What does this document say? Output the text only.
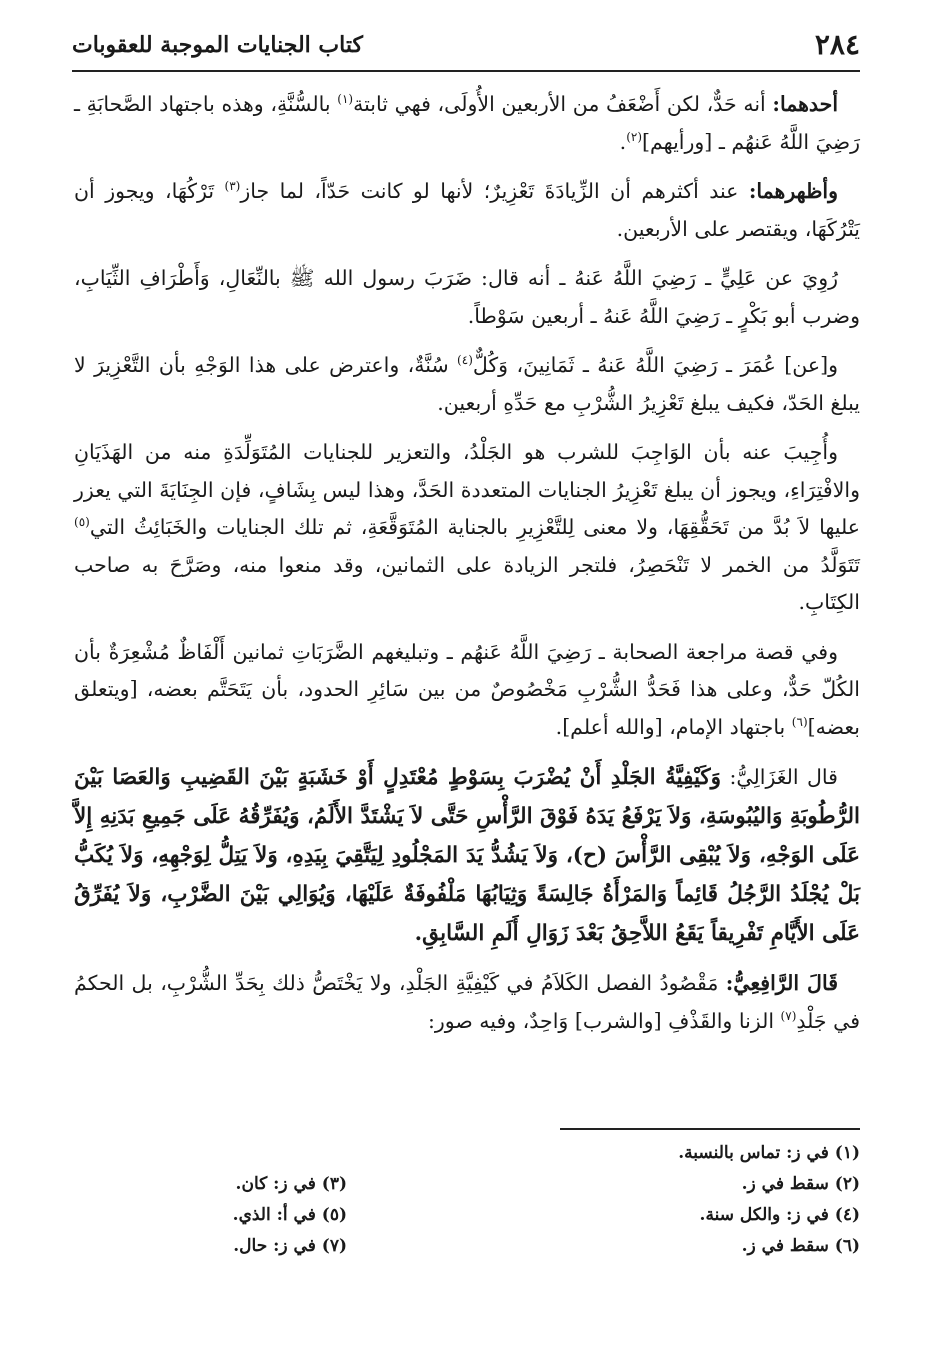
٢٨٤
كتاب الجنايات الموجبة للعقوبات

أحدهما: أنه حَدٌّ، لكن أَضْعَفُ من الأربعين الأُولَى، فهي ثابتة$^{(١)}$ بالسُّنَّةِ، وهذه باجتهاد الصَّحابَةِ ـ رَضِيَ اللَّهُ عَنهُم ـ [ورأيهم]$^{(٢)}$.

وأظهرهما: عند أكثرهم أن الزِّيادَةَ تَعْزِيرٌ؛ لأنها لو كانت حَدّاً، لما جاز$^{(٣)}$ تَرْكُهَا، ويجوز أن يَتْرُكَهَا، ويقتصر على الأربعين.

رُوِيَ عن عَلِيٍّ ـ رَضِيَ اللَّهُ عَنهُ ـ أنه قال: ضَرَبَ رسول الله ﷺ بالنِّعَالِ، وَأَطْرَافِ الثِّيَابِ، وضرب أبو بَكْرٍ ـ رَضِيَ اللَّهُ عَنهُ ـ أربعين سَوْطاً.

و[عن] عُمَرَ ـ رَضِيَ اللَّهُ عَنهُ ـ ثَمَانِينَ، وَكُلٌّ$^{(٤)}$ سُنَّةٌ، واعترض على هذا الوَجْهِ بأن التَّعْزِيرَ لا يبلغ الحَدّ، فكيف يبلغ تَعْزِيرُ الشُّرْبِ مع حَدِّهِ أربعين.

وأُجِيبَ عنه بأن الوَاجِبَ للشرب هو الجَلْدُ، والتعزير للجنايات المُتَوَلِّدَةِ منه من الهَذَيَانِ والافْتِرَاءِ، ويجوز أن يبلغ تَعْزِيرُ الجنايات المتعددة الحَدَّ، وهذا ليس بِشَافٍ، فإن الجِنَايَةَ التي يعزر عليها لاَ بُدَّ من تَحَقُّقِهَا، ولا معنى لِلتَّعْزِيرِ بالجناية المُتَوَقَّعَةِ، ثم تلك الجنايات والخَبَائِثُ التي$^{(٥)}$ تَتَوَلَّدُ من الخمر لا تَنْحَصِرُ، فلتجر الزيادة على الثمانين، وقد منعوا منه، وصَرَّحَ به صاحب الكِتَابِ.

وفي قصة مراجعة الصحابة ـ رَضِيَ اللَّهُ عَنهُم ـ وتبليغهم الضَّرَبَاتِ ثمانين أَلْفَاظٌ مُشْعِرَةٌ بأن الكُلّ حَدٌّ، وعلى هذا فَحَدُّ الشُّرْبِ مَخْصُوصٌ من بين سَائِرِ الحدود، بأن يَتَحَتَّم بعضه، [ويتعلق بعضه]$^{(٦)}$ باجتهاد الإمام، [والله أعلم].

قال الغَزَالِيُّ: وَكَيْفِيَّةُ الجَلْدِ أَنْ يُضْرَبَ بِسَوْطٍ مُعْتَدِلٍ أَوْ خَشَبَةٍ بَيْنَ القَضِيبِ وَالعَصَا بَيْنَ الرُّطُوبَةِ وَاليُبُوسَةِ، وَلاَ يَرْفَعُ يَدَهُ فَوْقَ الرَّأْسِ حَتَّى لاَ يَشْتَدَّ الأَلَمُ، وَيُفَرِّقُهُ عَلَى جَمِيعِ بَدَنِهِ إِلاَّ عَلَى الوَجْهِ، وَلاَ يُبْقِى الرَّأْسَ (ح)، وَلاَ يَشُدُّ يَدَ المَجْلُودِ لِيَتَّقِيَ بِيَدِهِ، وَلاَ يَتِلُّ لِوَجْهِهِ، وَلاَ يُكَبُّ بَلْ يُجْلَدُ الرَّجُلُ قَائِماً وَالمَرْأَةُ جَالِسَةً وَثِيَابُهَا مَلْفُوفَةٌ عَلَيْهَا، وَيُوَالِي بَيْنَ الضَّرْبِ، وَلاَ يُفَرِّقُ عَلَى الأَيَّامِ تَفْرِيقاً يَقَعُ اللاَّحِقُ بَعْدَ زَوَالِ أَلَمِ السَّابِقِ.

قَالَ الرَّافِعِيُّ: مَقْصُودُ الفصل الكَلاَمُ في كَيْفِيَّةِ الجَلْدِ، ولا يَخْتَصُّ ذلك بِحَدِّ الشُّرْبِ، بل الحكمُ في جَلْدِ$^{(٧)}$ الزنا والقَذْفِ [والشرب] وَاحِدٌ، وفيه صور:

(١) في ز: تماس بالنسبة.
(٢) سقط في ز.
(٣) في ز: كان.
(٤) في ز: والكل سنة.
(٥) في أ: الذي.
(٦) سقط في ز.
(٧) في ز: حال.
